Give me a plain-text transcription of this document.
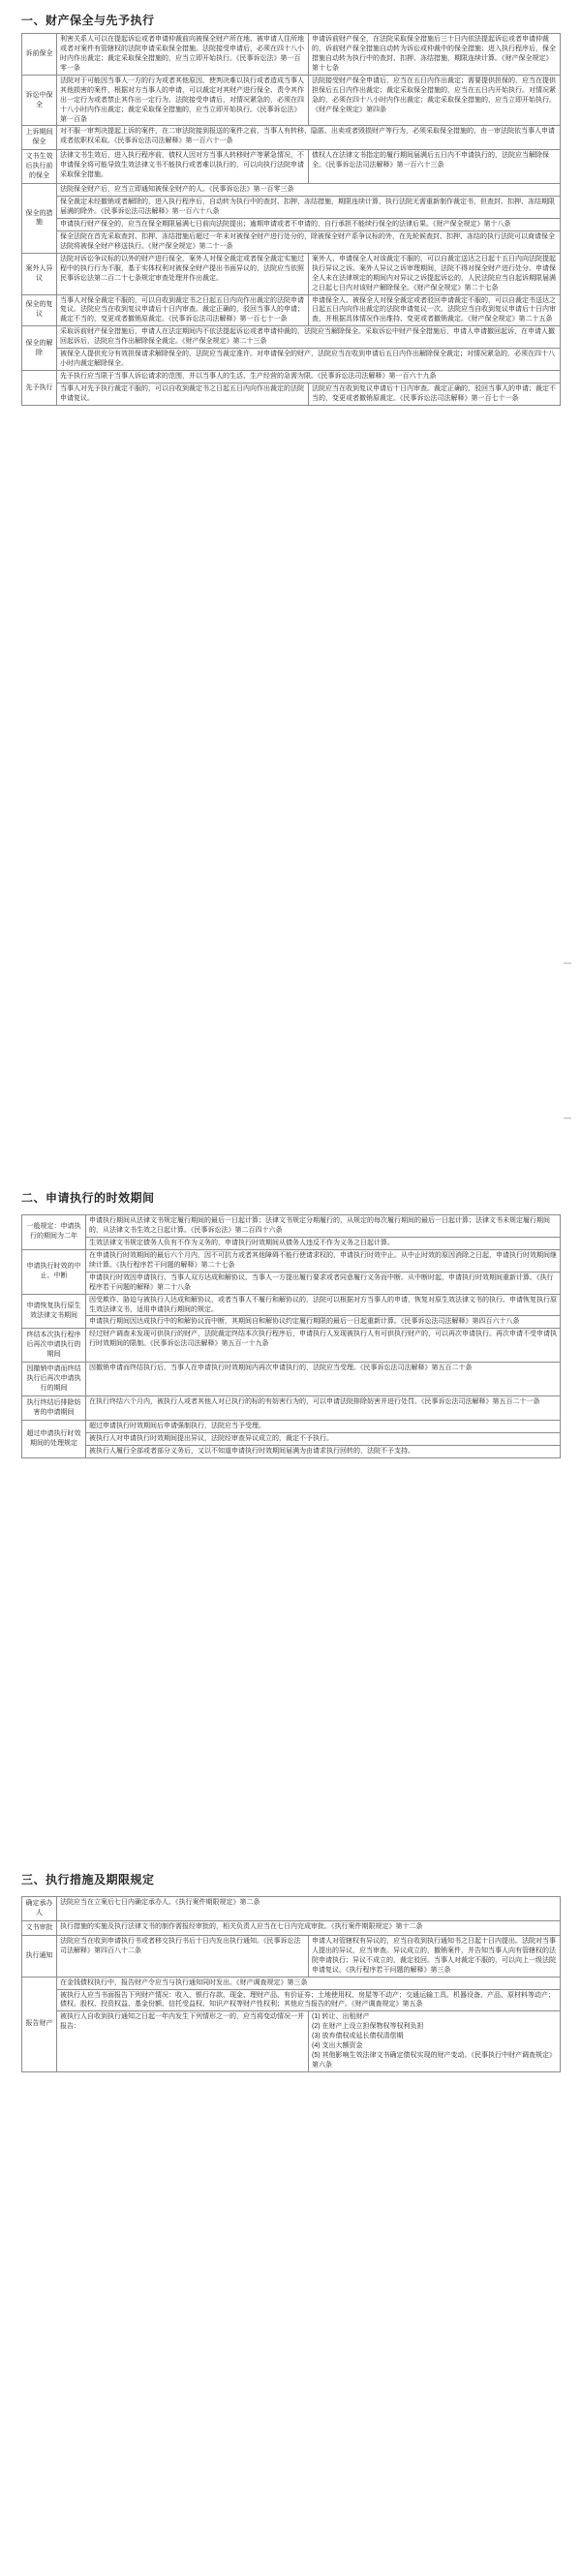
一、财产保全与先予执行
诉前保全	利害关系人可以在提起诉讼或者申请仲裁前向被保全财产所在地、被申请人住所地或者对案件有管辖权的法院申请采取保全措施。法院接受申请后，必须在四十八小时内作出裁定；裁定采取保全措施的，应当立即开始执行。《民事诉讼法》第一百零一条	申请诉前财产保全，在法院采取保全措施后三十日内依法提起诉讼或者申请仲裁的，诉前财产保全措施自动转为诉讼或仲裁中的保全措施；进入执行程序后，保全措施自动转为执行中的查封、扣押、冻结措施，期限连续计算。《财产保全规定》第十七条
诉讼中保全	法院对于可能因当事人一方的行为或者其他原因，使判决难以执行或者造成当事人其他损害的案件，根据对方当事人的申请，可以裁定对其财产进行保全、责令其作出一定行为或者禁止其作出一定行为。法院接受申请后，对情况紧急的，必须在四十八小时内作出裁定；裁定采取保全措施的，应当立即开始执行。《民事诉讼法》第一百条	法院接受财产保全申请后，应当在五日内作出裁定；需要提供担保的，应当在提供担保后五日内作出裁定；裁定采取保全措施的，应当在五日内开始执行。对情况紧急的，必须在四十八小时内作出裁定；裁定采取保全措施的，应当立即开始执行。《财产保全规定》第四条
上诉期间保全	对不服一审判决提起上诉的案件，在二审法院接到报送的案件之前，当事人有转移、隐匿、出卖或者毁损财产等行为，必须采取保全措施的，由一审法院依当事人申请或者依职权采取。《民事诉讼法司法解释》第一百六十一条	
文书生效后执行前的保全	法律文书生效后，进入执行程序前，债权人因对方当事人转移财产等紧急情况，不申请保全将可能导致生效法律文书不能执行或者难以执行的，可以向执行法院申请采取保全措施。	债权人在法律文书指定的履行期间届满后五日内不申请执行的，法院应当解除保全。《民事诉讼法司法解释》第一百六十三条
保全的措施	法院保全财产后，应当立即通知被保全财产的人。《民事诉讼法》第一百零三条	
	保全裁定未经撤销或者解除的，进入执行程序后，自动转为执行中的查封、扣押、冻结措施，期限连续计算，执行法院无需重新制作裁定书，但查封、扣押、冻结期限届满的除外。《民事诉讼法司法解释》第一百六十八条	
	申请执行财产保全的，应当在保全期限届满七日前向法院提出；逾期申请或者不申请的，自行承担不能续行保全的法律后果。《财产保全规定》第十八条	
	保全法院在首先采取查封、扣押、冻结措施后超过一年未对被保全财产进行处分的，除被保全财产系争议标的外，在先轮候查封、扣押、冻结的执行法院可以商请保全法院将被保全财产移送执行。《财产保全规定》第二十一条	
案外人异议	法院对诉讼争议标的以外的财产进行保全，案外人对保全裁定或者保全裁定实施过程中的执行行为不服，基于实体权利对被保全财产提出书面异议的，法院应当依照民事诉讼法第二百二十七条规定审查处理并作出裁定。	案外人、申请保全人对该裁定不服的，可以自裁定送达之日起十五日内向法院提起执行异议之诉。案外人异议之诉审理期间，法院不得对保全财产进行处分。申请保全人未在法律规定的期间内对异议之诉提起诉讼的，人民法院应当自起诉期限届满之日起七日内对该财产解除保全。《财产保全规定》第二十七条
保全的复议	当事人对保全裁定不服的，可以自收到裁定书之日起五日内向作出裁定的法院申请复议。法院应当在收到复议申请后十日内审查。裁定正确的，驳回当事人的申请；裁定不当的，变更或者撤销原裁定。《民事诉讼法司法解释》第一百七十一条	申请保全人、被保全人对保全裁定或者驳回申请裁定不服的，可以自裁定书送达之日起五日内向作出裁定的法院申请复议一次。法院应当自收到复议申请后十日内审查，并根据具体情况作出维持、变更或者撤销裁定。《财产保全规定》第二十五条
保全的解除	采取诉前财产保全措施后，申请人在法定期间内不依法提起诉讼或者申请仲裁的，法院应当解除保全。采取诉讼中财产保全措施后，申请人申请撤回起诉，在申请人撤回起诉后，法院应当作出解除保全裁定。《财产保全规定》第二十三条	
	被保全人提供充分有效担保请求解除保全的，法院应当裁定准许。对申请保全的财产，法院应当在收到申请后五日内作出解除保全裁定；对情况紧急的，必须在四十八小时内裁定解除保全。	
先予执行	先予执行应当限于当事人诉讼请求的范围，并以当事人的生活、生产经营的急需为限。《民事诉讼法司法解释》第一百六十九条	
	当事人对先予执行裁定不服的，可以自收到裁定书之日起五日内向作出裁定的法院申请复议。	法院应当在收到复议申请后十日内审查。裁定正确的，驳回当事人的申请；裁定不当的，变更或者撤销原裁定。《民事诉讼法司法解释》第一百七十一条
二、申请执行的时效期间
一般规定：申请执行的期间为二年	申请执行期间从法律文书规定履行期间的最后一日起计算；法律文书规定分期履行的，从规定的每次履行期间的最后一日起计算；法律文书未规定履行期间的，从法律文书生效之日起计算。《民事诉讼法》第二百四十六条
	生效法律文书规定债务人负有不作为义务的，申请执行时效期间从债务人违反不作为义务之日起计算。
申请执行时效的中止、中断	在申请执行时效期间的最后六个月内，因不可抗力或者其他障碍不能行使请求权的，申请执行时效中止。从中止时效的原因消除之日起，申请执行时效期间继续计算。《执行程序若干问题的解释》第二十七条
	申请执行时效因申请执行、当事人双方达成和解协议、当事人一方提出履行要求或者同意履行义务而中断。从中断时起，申请执行时效期间重新计算。《执行程序若干问题的解释》第二十八条
申请恢复执行原生效法律文书期间	因受欺诈、胁迫与被执行人达成和解协议，或者当事人不履行和解协议的，法院可以根据对方当事人的申请，恢复对原生效法律文书的执行。申请恢复执行原生效法律文书，适用申请执行期间的规定。
	申请执行期间因达成执行中的和解协议而中断，其期间自和解协议约定履行期限的最后一日起重新计算。《民事诉讼法司法解释》第四百六十八条
终结本次执行程序后再次申请执行的期间	经过财产调查未发现可供执行的财产，法院裁定终结本次执行程序后，申请执行人发现被执行人有可供执行财产的，可以再次申请执行。再次申请不受申请执行时效期间的限制。《民事诉讼法司法解释》第五百一十九条
因撤销申请而终结执行后再次申请执行的期间	因撤销申请而终结执行后，当事人在申请执行时效期间内再次申请执行的，法院应当受理。《民事诉讼法司法解释》第五百二十条
执行终结后排除妨害的申请期间	在执行终结六个月内，被执行人或者其他人对已执行的标的有妨害行为的，可以申请法院排除妨害并进行处罚。《民事诉讼法司法解释》第五百二十一条
超过申请执行时效期间的处理规定	超过申请执行时效期间后申请强制执行，法院应当予受理。
	被执行人对申请执行时效期间提出异议，法院经审查异议成立的，裁定不予执行。
	被执行人履行全部或者部分义务后，又以不知道申请执行时效期间届满为由请求执行回转的，法院不予支持。
三、执行措施及期限规定
确定承办人	法院应当在立案后七日内确定承办人。《执行案件期限规定》第二条	
文书审批	执行措施的实施及执行法律文书的制作需报经审批的，相关负责人应当在七日内完成审批。《执行案件期限规定》第十二条	
执行通知	法院应当在收到申请执行书或者移交执行书后十日内发出执行通知。《民事诉讼法司法解释》第四百八十二条	申请人对管辖权有异议的，应当自收到执行通知书之日起十日内提出。法院对当事人提出的异议，应当审查。异议成立的，撤销案件，并告知当事人向有管辖权的法院申请执行；异议不成立的，裁定驳回。当事人对裁定不服的，可以向上一级法院申请复议。《执行程序若干问题的解释》第三条
报告财产	在金钱债权执行中，报告财产令应当与执行通知同时发出。《财产调查规定》第三条	
	被执行人应当书面报告下列财产情况：收入、银行存款、现金、理财产品、有价证券；土地使用权、房屋等不动产；交通运输工具、机器设备、产品、原材料等动产；债权、股权、投资权益、基金份额、信托受益权、知识产权等财产性权利；其他应当报告的财产。《财产调查规定》第五条	
	被执行人自收到执行通知之日起一年内发生下列情形之一的，应当将变动情况一并报告：	(1) 转让、出租财产
(2) 在财产上设立担保物权等权利负担
(3) 放弃债权或延长债权清偿期
(4) 支出大额资金
(5) 其他影响生效法律文书确定债权实现的财产变动。《民事执行中财产调查规定》第六条
—
—
